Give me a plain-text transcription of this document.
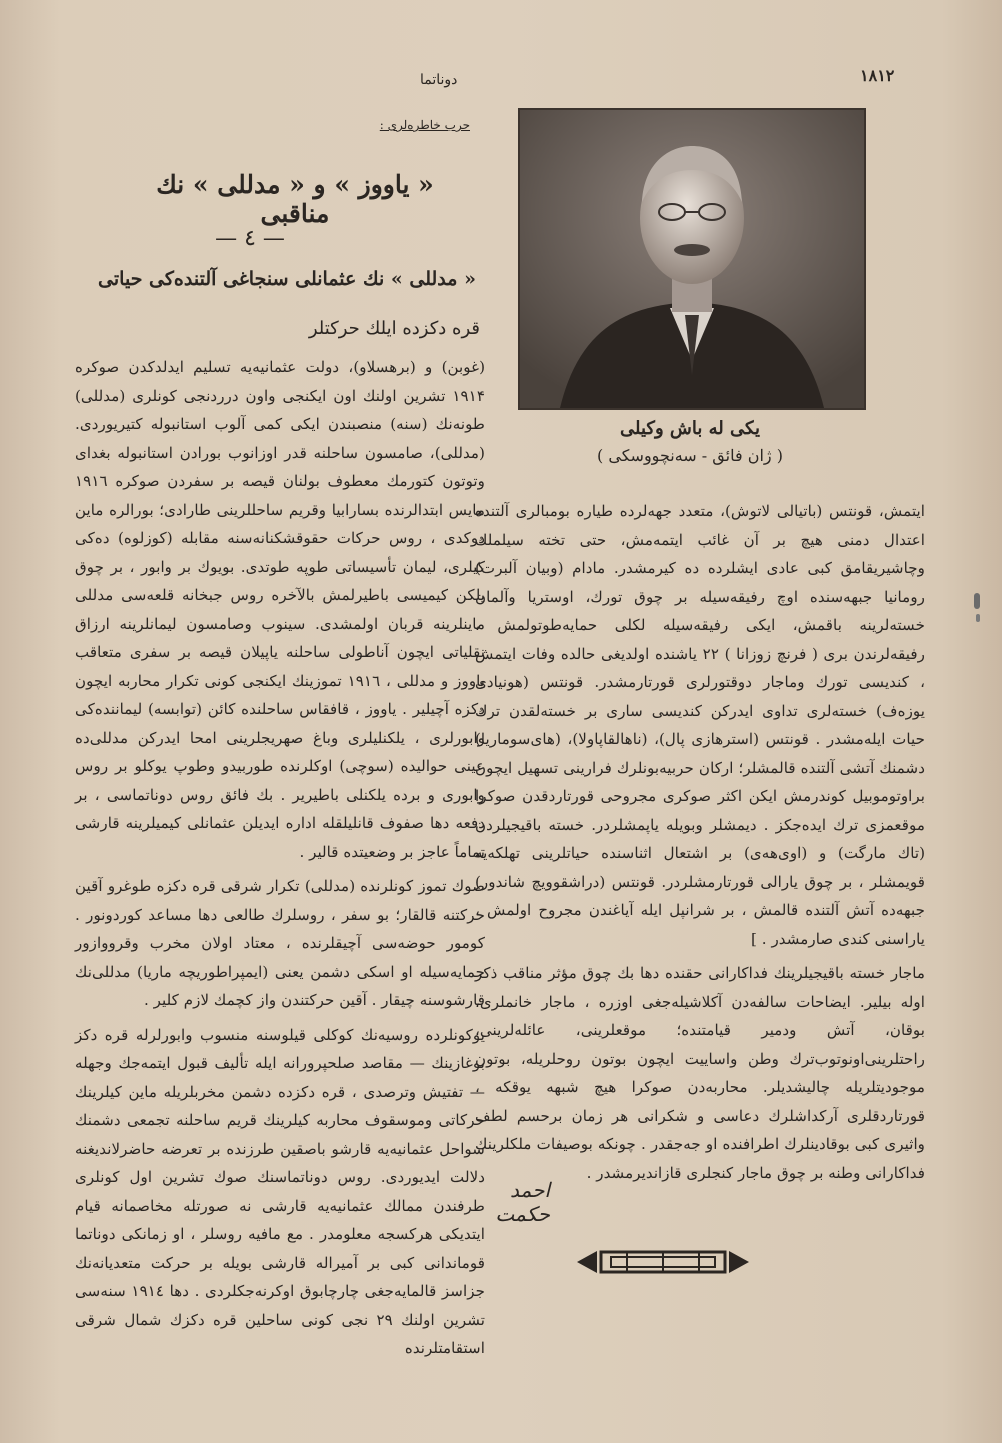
دوناتما	۱۸۱۲
حرب خاطره‌لری :
« یاووز » و « مدللی » نك مناقبی
— ٤ —
« مدللی » نك عثمانلی سنجاغی آلتنده‌كی حیاتی
قره دكزده ایلك حركتلر

(غوبن) و (برهسلاو)، دولت عثمانیه‌یه تسلیم ایدلدكدن صوكره ۱۹۱۴ تشرین اولنك اون ایكنجی واون درردنجی كونلری (مدللی) طونه‌نك (سنه) منصبندن ایكی كمی آلوب استانبوله كتیریوردی. (مدللی)، صامسون ساحلنه قدر اوزانوب بورادن استانبوله بغدای وتوتون كتورمك معطوف بولنان قیصه بر سفردن صوكره ۱۹۱٦ مایس ابتدالرنده بسارابیا وقریم ساحللرینی طارادی؛ بورالره ماین دوكدی ، روس حركات حقوقشكنانه‌سنه مقابله (كوزلوه) ده‌كی كیلری، لیمان تأسیساتی طوپه طوتدی. بویوك بر وابور ، بر چوق یلكن كیمیسی باطیرلمش بالآخره روس جبخانه قلعه‌سی مدللی ماینلرینه قربان اولمشدی. سینوب وصامسون لیمانلرینه ارزاق نقلیاتی ایچون آناطولی ساحلنه یاپیلان قیصه بر سفری متعاقب یاووز و مدللی ، ۱۹۱٦ تموزینك ایكنجی كونی تكرار محاربه ایچون دكزه آچیلیر . یاووز ، قافقاس ساحلنده كائن (توابسه) لیماننده‌كی وابورلری ، یلكنلیلری وباغ صهریجلرینی امحا ایدركن مدللی‌ده عینی حوالیده (سوچی) اوكلرنده طوربیدو وطوپ یوكلو بر روس وابوری و برده یلكنلی باطیریر . بك فائق روس دوناتماسی ، بر دفعه دها صفوف قانلیلقله اداره ایدیلن عثمانلی كیمیلرینه قارشی تماماً عاجز بر وضعیتده قالیر .

صوك تموز كونلرنده (مدللی) تكرار شرقی قره دكزه طوغرو آقین حركتنه قالقار؛ بو سفر ، روسلرك طالعی دها مساعد كوردونور . كومور حوضه‌سی آچیقلرنده ، معتاد اولان مخرب وقرووازور حمایه‌سیله او اسكی دشمن یعنی (ایمپراطوریچه ماریا) مدللی‌نك قارشوسنه چیقار . آقین حركتندن واز كچمك لازم كلیر .

یوكونلرده روسیه‌نك كوكلی قیلوسنه منسوب وابورلرله قره دكز بوغازینك — مقاصد صلحپرورانه ایله تألیف قبول ایتمه‌جك وجهله — تفتیش وترصدی ، قره دكزده دشمن مخربلریله ماین كیلرینك حركاتی وموسقوف محاربه كیلرینك قریم ساحلنه تجمعی دشمنك سواحل عثمانیه‌یه قارشو باصقین طرزنده بر تعرضه حاضرلاندیغنه دلالت ایدیوردی. روس دوناتماسنك صوك تشرین اول كونلری طرفندن ممالك عثمانیه‌یه قارشی نه صورتله مخاصمانه قیام ایتدیكی هركسجه معلومدر . مع مافیه روسلر ، او زمانكی دوناتما قوماندانی كبی بر آمیراله قارشی بویله بر حركت متعدیانه‌نك جزاسز قالمایه‌جغی چارچابوق اوكرنه‌جكلردی . دها ۱۹۱٤ سنه‌سی تشرین اولنك ۲۹ نجی كونی ساحلین قره دكزك شمال شرقی استقامتلرنده

یكی له باش وكیلی
( ژان فائق - سه‌نچووسكی )

ایتمش، قونتس (باتیالی لاتوش)، متعدد جهه‌لرده طیاره بومبالری آلتنده اعتدال دمنی هیچ بر آن غائب ایتمه‌مش، حتی تخته سیلملك وچاشیریقامق كبی عادی ایشلرده ده كیرمشدر. مادام (وبیان آلبرت) رومانیا جبهه‌سنده اوچ رفیقه‌سیله بر چوق تورك، اوستریا وآلمان خسته‌لرینه باقمش، ایكی رفیقه‌سیله لكلی حمایه‌طوتولمش ، رفیقه‌لرندن بری ( فرنچ زوزانا ) ۲۲ یاشنده اولدیغی حالده وفات ایتمش ، كندیسی تورك وماجار دوقتورلری قورتارمشدر. قونتس (هونیادی یوزه‌ف) خسته‌لری تداوی ایدركن كندیسی ساری بر خسته‌لقدن ترك حیات ایله‌مشدر . قونتس (استرهازی پال)، (ناهالقاپاولا)، (های‌سوماریا) دشمنك آتشی آلتنده قالمشلر؛ اركان حربیه‌بونلرك فرارینی تسهیل ایچون براوتوموبیل كوندرمش ایكن اكثر صوكری مجروحی قورتاردقدن صوكرا موقعمزی ترك ایده‌جكز . دیمشلر وبویله یاپمشلردر. خسته باقیجیلردن (تاك مارگت) و (اوی‌هه‌ی) بر اشتعال اثناسنده حیاتلرینی تهلكه‌یه قویمشلر ، بر چوق یارالی قورتارمشلردر. قونتس (دراشقوویچ شاندور) جبهه‌ده آتش آلتنده قالمش ، بر شرانپل ایله آیاغندن مجروح اولمش ، یاراسنی كندی صارمشدر . ]

ماجار خسته باقیجیلرینك فداكارانی حقنده دها بك چوق مؤثر مناقب ذكر اوله بیلیر. ایضاحات سالفه‌دن آكلاشیله‌جغی اوزره ، ماجار خانملری، بوقان، آتش ودمیر قیامتنده؛ موقعلرینی، عائله‌لرینی، راحتلرینی‌اونوتوب‌ترك وطن واساییت ایچون بوتون روحلریله، بوتون موجودیتلریله چالیشدیلر. محاربه‌دن صوكرا هیچ شبهه یوقكه ، قورتاردقلری آركداشلرك دعاسی و شكرانی هر زمان برحسم لطف واثیری كبی بوقادینلرك اطرافنده او جه‌جقدر . چونكه بوصیفات ملكلرینك فداكارانی وطنه بر چوق ماجار كنجلری قازاندیرمشدر .

احمد حكمت
